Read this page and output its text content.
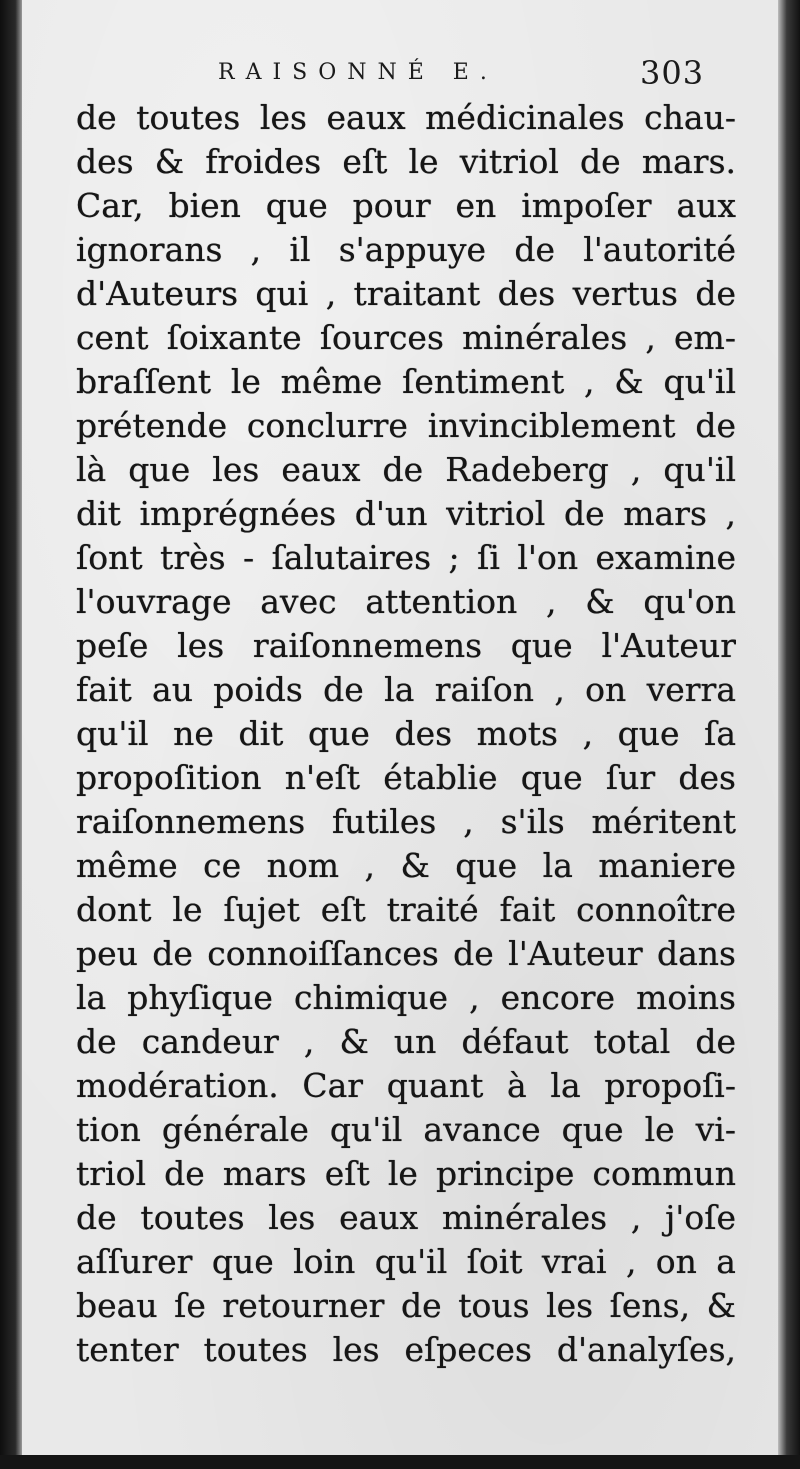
RAISONNÉ E.	303
de toutes les eaux médicinales chau-
des & froides eſt le vitriol de mars.
Car, bien que pour en impoſer aux
ignorans , il s'appuye de l'autorité
d'Auteurs qui , traitant des vertus de
cent ſoixante ſources minérales , em-
braſſent le même ſentiment , & qu'il
prétende conclurre invinciblement de
là que les eaux de Radeberg , qu'il
dit imprégnées d'un vitriol de mars ,
ſont très - ſalutaires ; ſi l'on examine
l'ouvrage avec attention , & qu'on
peſe les raiſonnemens que l'Auteur
fait au poids de la raiſon , on verra
qu'il ne dit que des mots , que ſa
propoſition n'eſt établie que ſur des
raiſonnemens futiles , s'ils méritent
même ce nom , & que la maniere
dont le ſujet eſt traité fait connoître
peu de connoiſſances de l'Auteur dans
la phyſique chimique , encore moins
de candeur , & un défaut total de
modération. Car quant à la propoſi-
tion générale qu'il avance que le vi-
triol de mars eſt le principe commun
de toutes les eaux minérales , j'oſe
aſſurer que loin qu'il ſoit vrai , on a
beau ſe retourner de tous les ſens, &
tenter toutes les eſpeces d'analyſes,
